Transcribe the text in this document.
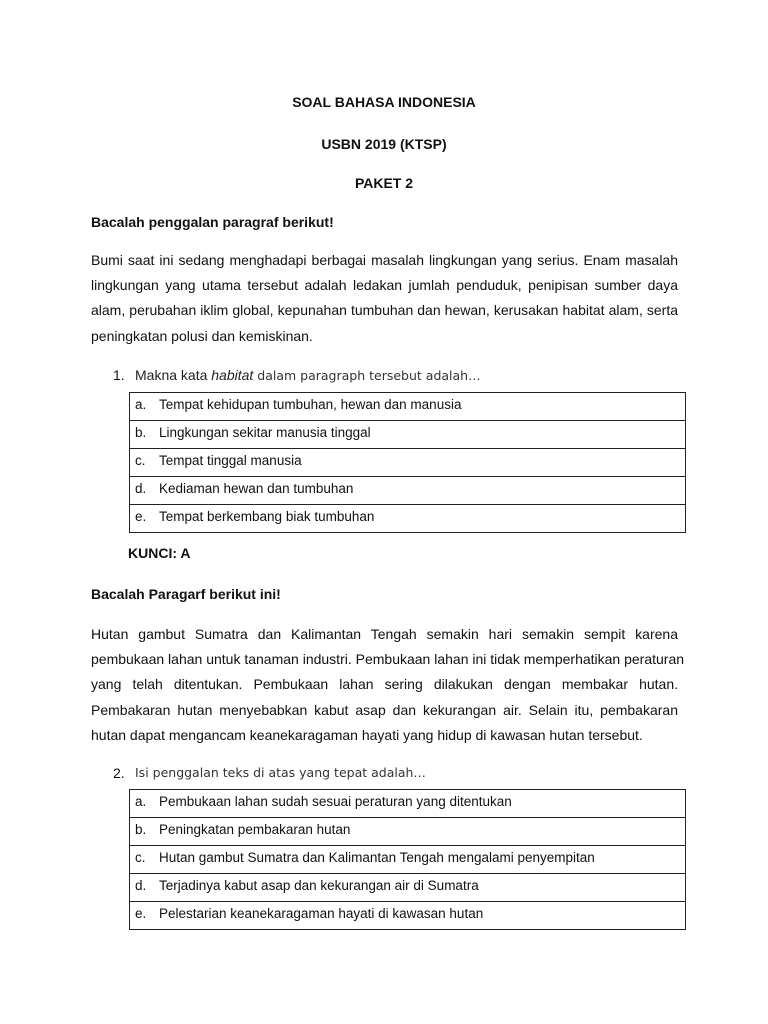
SOAL BAHASA INDONESIA
USBN 2019 (KTSP)
PAKET 2
Bacalah penggalan paragraf berikut!
Bumi saat ini sedang menghadapi berbagai masalah lingkungan yang serius. Enam masalah
lingkungan yang utama tersebut adalah ledakan jumlah penduduk, penipisan sumber daya
alam, perubahan iklim global, kepunahan tumbuhan dan hewan, kerusakan habitat alam, serta
peningkatan polusi dan kemiskinan.
1. Makna kata habitat dalam paragraph tersebut adalah…
a. Tempat kehidupan tumbuhan, hewan dan manusia
b. Lingkungan sekitar manusia tinggal
c. Tempat tinggal manusia
d. Kediaman hewan dan tumbuhan
e. Tempat berkembang biak tumbuhan
KUNCI: A
Bacalah Paragarf berikut ini!
Hutan gambut Sumatra dan Kalimantan Tengah semakin hari semakin sempit karena
pembukaan lahan untuk tanaman industri. Pembukaan lahan ini tidak memperhatikan peraturan
yang telah ditentukan. Pembukaan lahan sering dilakukan dengan membakar hutan.
Pembakaran hutan menyebabkan kabut asap dan kekurangan air. Selain itu, pembakaran
hutan dapat mengancam keanekaragaman hayati yang hidup di kawasan hutan tersebut.
2. Isi penggalan teks di atas yang tepat adalah…
a. Pembukaan lahan sudah sesuai peraturan yang ditentukan
b. Peningkatan pembakaran hutan
c. Hutan gambut Sumatra dan Kalimantan Tengah mengalami penyempitan
d. Terjadinya kabut asap dan kekurangan air di Sumatra
e. Pelestarian keanekaragaman hayati di kawasan hutan
